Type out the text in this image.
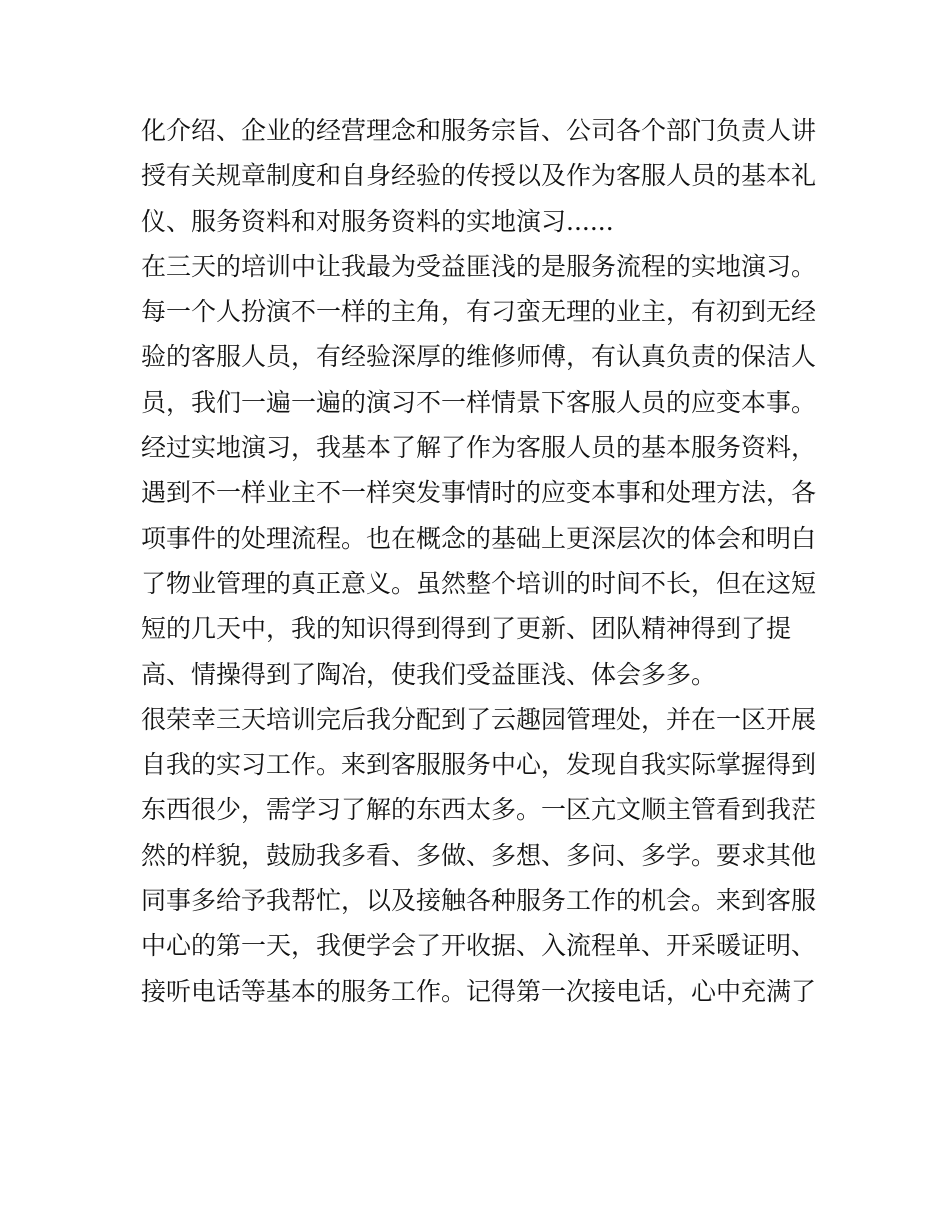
化介绍、企业的经营理念和服务宗旨、公司各个部门负责人讲
授有关规章制度和自身经验的传授以及作为客服人员的基本礼
仪、服务资料和对服务资料的实地演习......
在三天的培训中让我最为受益匪浅的是服务流程的实地演习。
每一个人扮演不一样的主角，有刁蛮无理的业主，有初到无经
验的客服人员，有经验深厚的维修师傅，有认真负责的保洁人
员，我们一遍一遍的演习不一样情景下客服人员的应变本事。
经过实地演习，我基本了解了作为客服人员的基本服务资料，
遇到不一样业主不一样突发事情时的应变本事和处理方法，各
项事件的处理流程。也在概念的基础上更深层次的体会和明白
了物业管理的真正意义。虽然整个培训的时间不长，但在这短
短的几天中，我的知识得到得到了更新、团队精神得到了提
高、情操得到了陶冶，使我们受益匪浅、体会多多。
很荣幸三天培训完后我分配到了云趣园管理处，并在一区开展
自我的实习工作。来到客服服务中心，发现自我实际掌握得到
东西很少，需学习了解的东西太多。一区亢文顺主管看到我茫
然的样貌，鼓励我多看、多做、多想、多问、多学。要求其他
同事多给予我帮忙，以及接触各种服务工作的机会。来到客服
中心的第一天，我便学会了开收据、入流程单、开采暖证明、
接听电话等基本的服务工作。记得第一次接电话，心中充满了
